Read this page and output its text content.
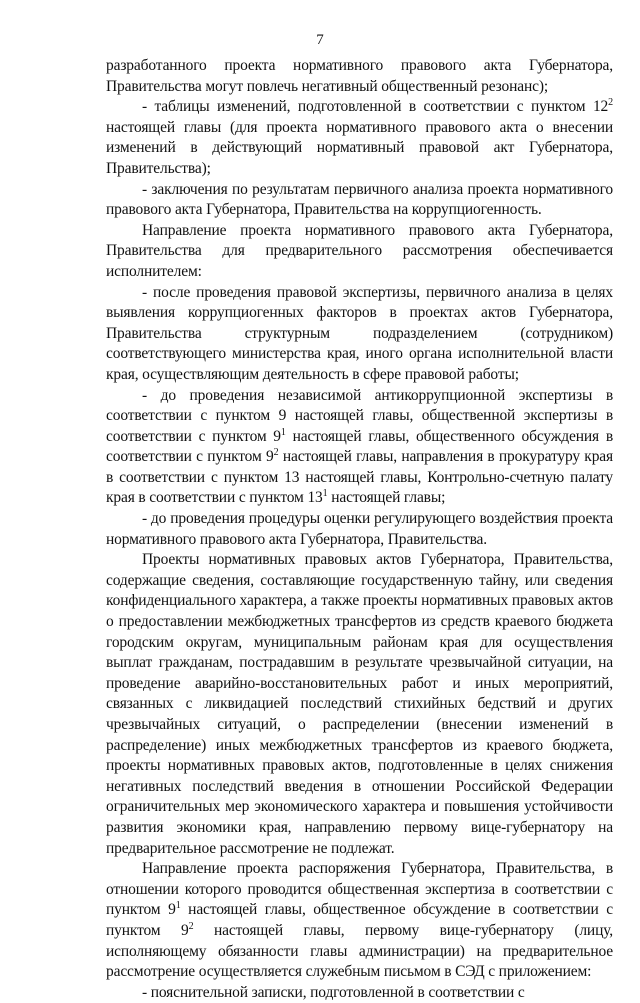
7

разработанного проекта нормативного правового акта Губернатора, Правительства могут повлечь негативный общественный резонанс);

- таблицы изменений, подготовленной в соответствии с пунктом $12^2$ настоящей главы (для проекта нормативного правового акта о внесении изменений в действующий нормативный правовой акт Губернатора, Правительства);

- заключения по результатам первичного анализа проекта нормативного правового акта Губернатора, Правительства на коррупциогенность.

Направление проекта нормативного правового акта Губернатора, Правительства для предварительного рассмотрения обеспечивается исполнителем:

- после проведения правовой экспертизы, первичного анализа в целях выявления коррупциогенных факторов в проектах актов Губернатора, Правительства структурным подразделением (сотрудником) соответствующего министерства края, иного органа исполнительной власти края, осуществляющим деятельность в сфере правовой работы;

- до проведения независимой антикоррупционной экспертизы в соответствии с пунктом 9 настоящей главы, общественной экспертизы в соответствии с пунктом $9^1$ настоящей главы, общественного обсуждения в соответствии с пунктом $9^2$ настоящей главы, направления в прокуратуру края в соответствии с пунктом 13 настоящей главы, Контрольно-счетную палату края в соответствии с пунктом $13^1$ настоящей главы;

- до проведения процедуры оценки регулирующего воздействия проекта нормативного правового акта Губернатора, Правительства.

Проекты нормативных правовых актов Губернатора, Правительства, содержащие сведения, составляющие государственную тайну, или сведения конфиденциального характера, а также проекты нормативных правовых актов о предоставлении межбюджетных трансфертов из средств краевого бюджета городским округам, муниципальным районам края для осуществления выплат гражданам, пострадавшим в результате чрезвычайной ситуации, на проведение аварийно-восстановительных работ и иных мероприятий, связанных с ликвидацией последствий стихийных бедствий и других чрезвычайных ситуаций, о распределении (внесении изменений в распределение) иных межбюджетных трансфертов из краевого бюджета, проекты нормативных правовых актов, подготовленные в целях снижения негативных последствий введения в отношении Российской Федерации ограничительных мер экономического характера и повышения устойчивости развития экономики края, направлению первому вице-губернатору на предварительное рассмотрение не подлежат.

Направление проекта распоряжения Губернатора, Правительства, в отношении которого проводится общественная экспертиза в соответствии с пунктом $9^1$ настоящей главы, общественное обсуждение в соответствии с пунктом $9^2$ настоящей главы, первому вице-губернатору (лицу, исполняющему обязанности главы администрации) на предварительное рассмотрение осуществляется служебным письмом в СЭД с приложением:

- пояснительной записки, подготовленной в соответствии с
